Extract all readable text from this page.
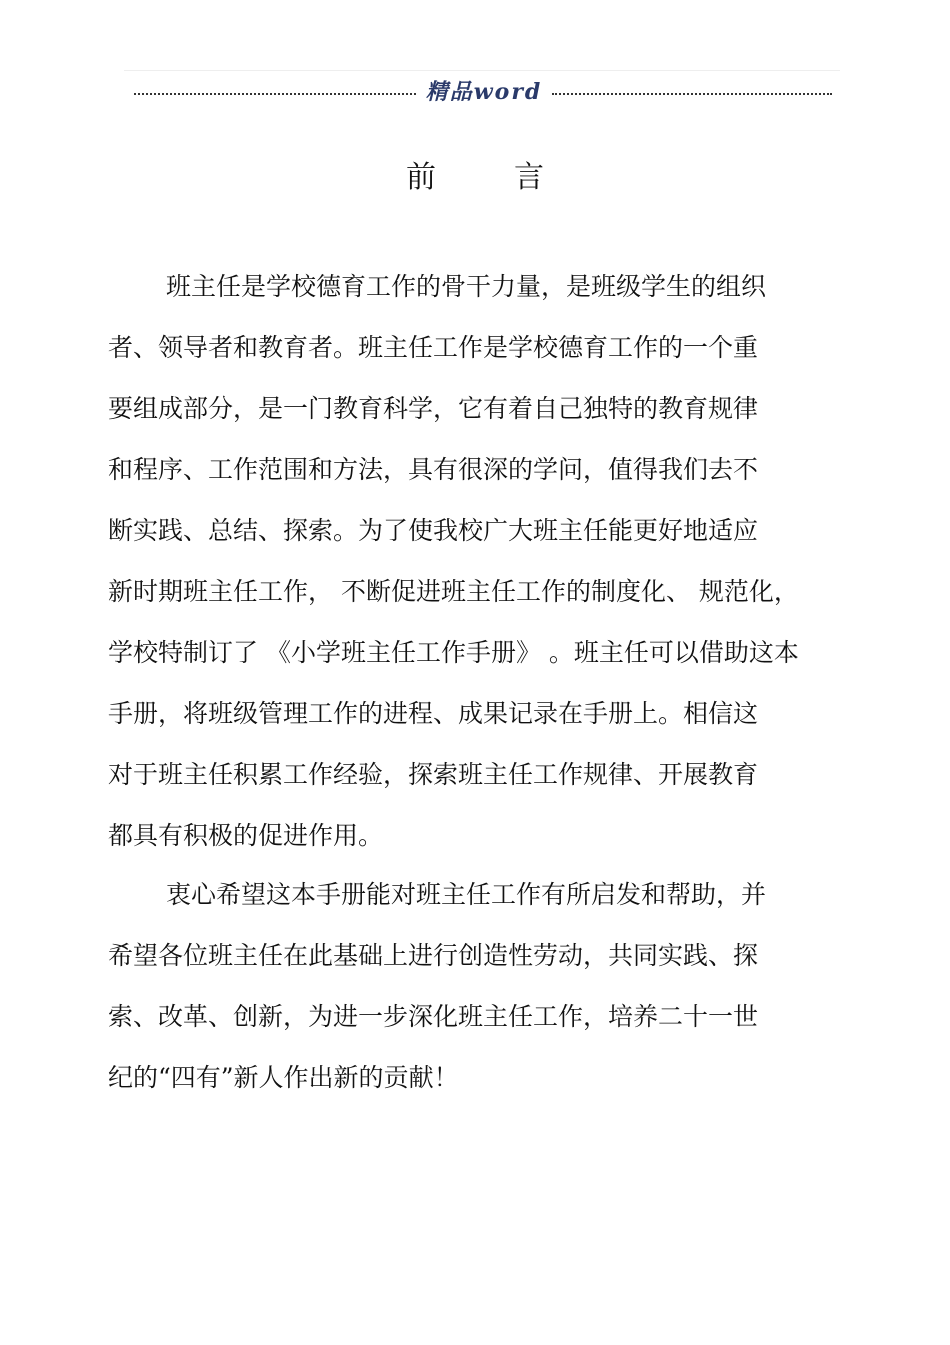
精品word
前	言
班主任是学校德育工作的骨干力量，是班级学生的组织
者、领导者和教育者。班主任工作是学校德育工作的一个重
要组成部分，是一门教育科学，它有着自己独特的教育规律
和程序、工作范围和方法，具有很深的学问，值得我们去不
断实践、总结、探索。为了使我校广大班主任能更好地适应
新时期班主任工作， 不断促进班主任工作的制度化、 规范化，
学校特制订了 《小学班主任工作手册》 。班主任可以借助这本
手册，将班级管理工作的进程、成果记录在手册上。相信这
对于班主任积累工作经验，探索班主任工作规律、开展教育
都具有积极的促进作用。
衷心希望这本手册能对班主任工作有所启发和帮助，并
希望各位班主任在此基础上进行创造性劳动，共同实践、探
索、改革、创新，为进一步深化班主任工作，培养二十一世
纪的“四有”新人作出新的贡献！
